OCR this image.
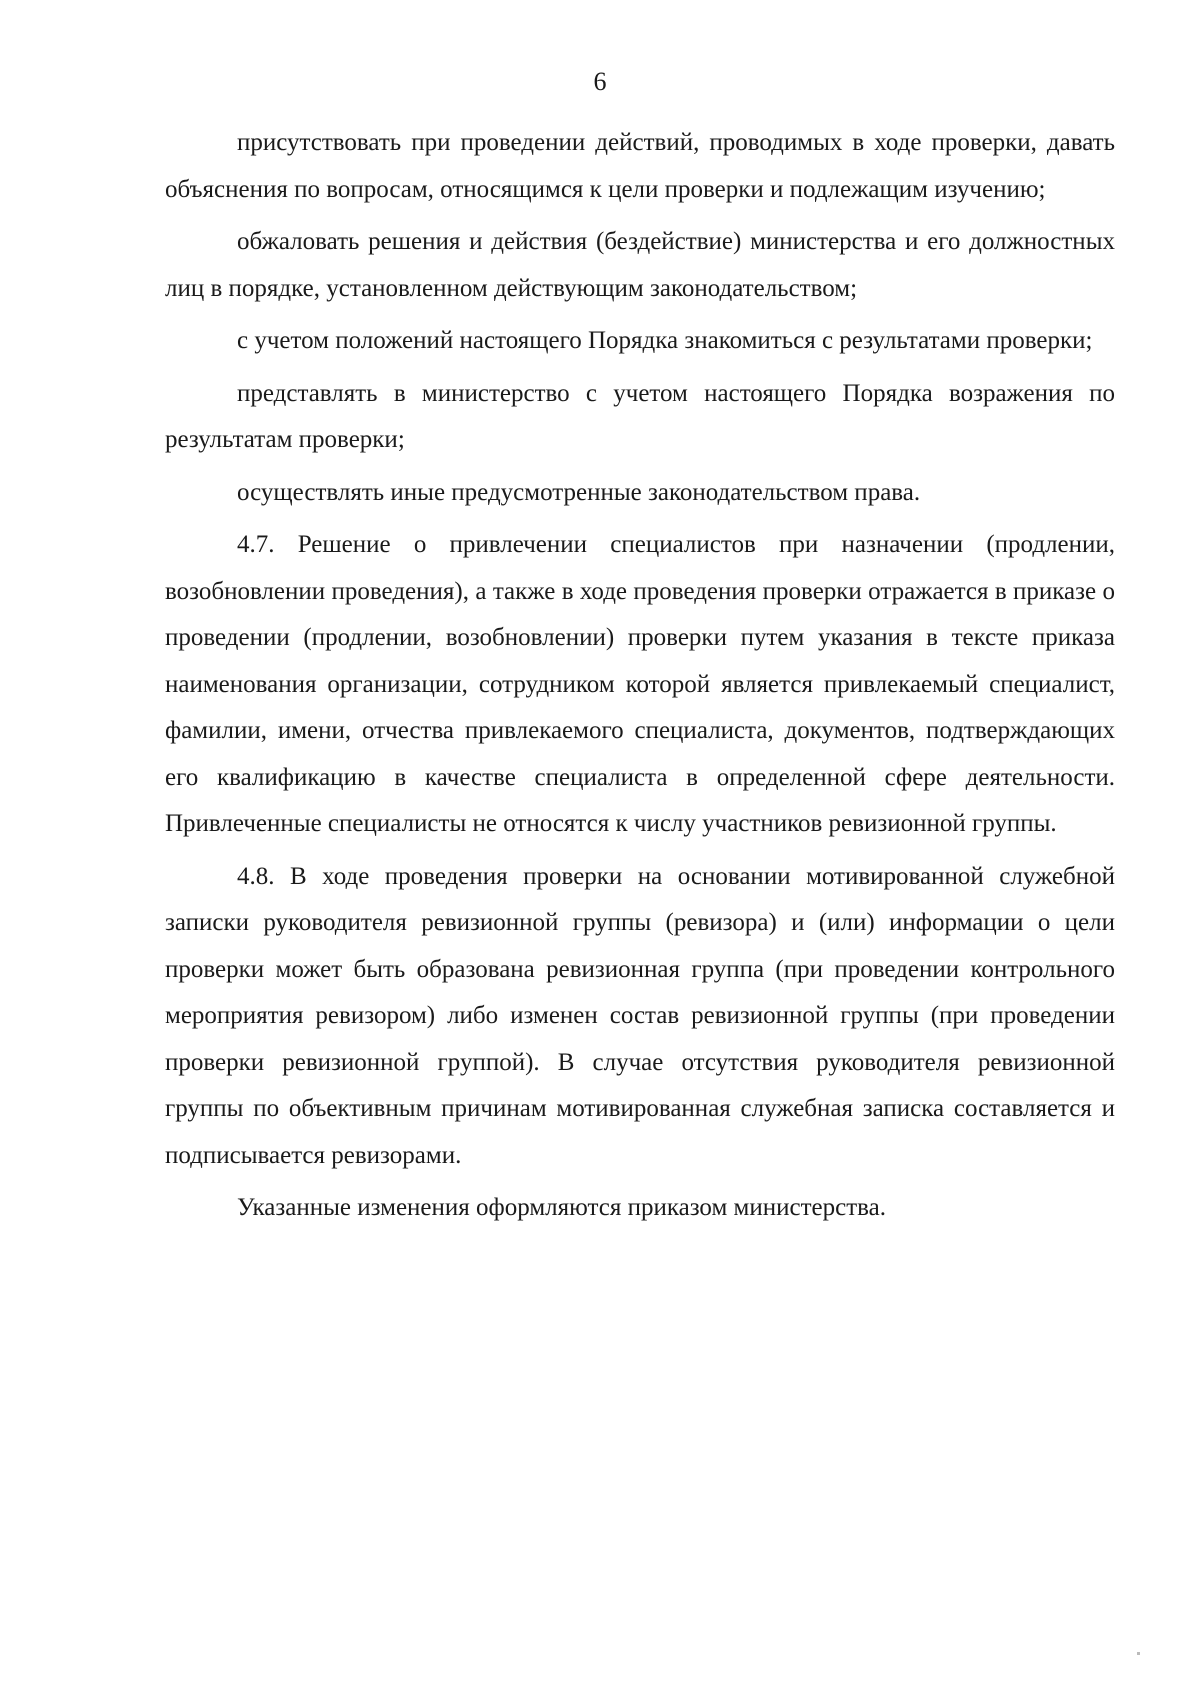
6

присутствовать при проведении действий, проводимых в ходе проверки, давать объяснения по вопросам, относящимся к цели проверки и подлежащим изучению;

обжаловать решения и действия (бездействие) министерства и его должностных лиц в порядке, установленном действующим законодательством;

с учетом положений настоящего Порядка знакомиться с результатами проверки;

представлять в министерство с учетом настоящего Порядка возражения по результатам проверки;

осуществлять иные предусмотренные законодательством права.

4.7. Решение о привлечении специалистов при назначении (продлении, возобновлении проведения), а также в ходе проведения проверки отражается в приказе о проведении (продлении, возобновлении) проверки путем указания в тексте приказа наименования организации, сотрудником которой является привлекаемый специалист, фамилии, имени, отчества привлекаемого специалиста, документов, подтверждающих его квалификацию в качестве специалиста в определенной сфере деятельности. Привлеченные специалисты не относятся к числу участников ревизионной группы.

4.8. В ходе проведения проверки на основании мотивированной служебной записки руководителя ревизионной группы (ревизора) и (или) информации о цели проверки может быть образована ревизионная группа (при проведении контрольного мероприятия ревизором) либо изменен состав ревизионной группы (при проведении проверки ревизионной группой). В случае отсутствия руководителя ревизионной группы по объективным причинам мотивированная служебная записка составляется и подписывается ревизорами.

Указанные изменения оформляются приказом министерства.
